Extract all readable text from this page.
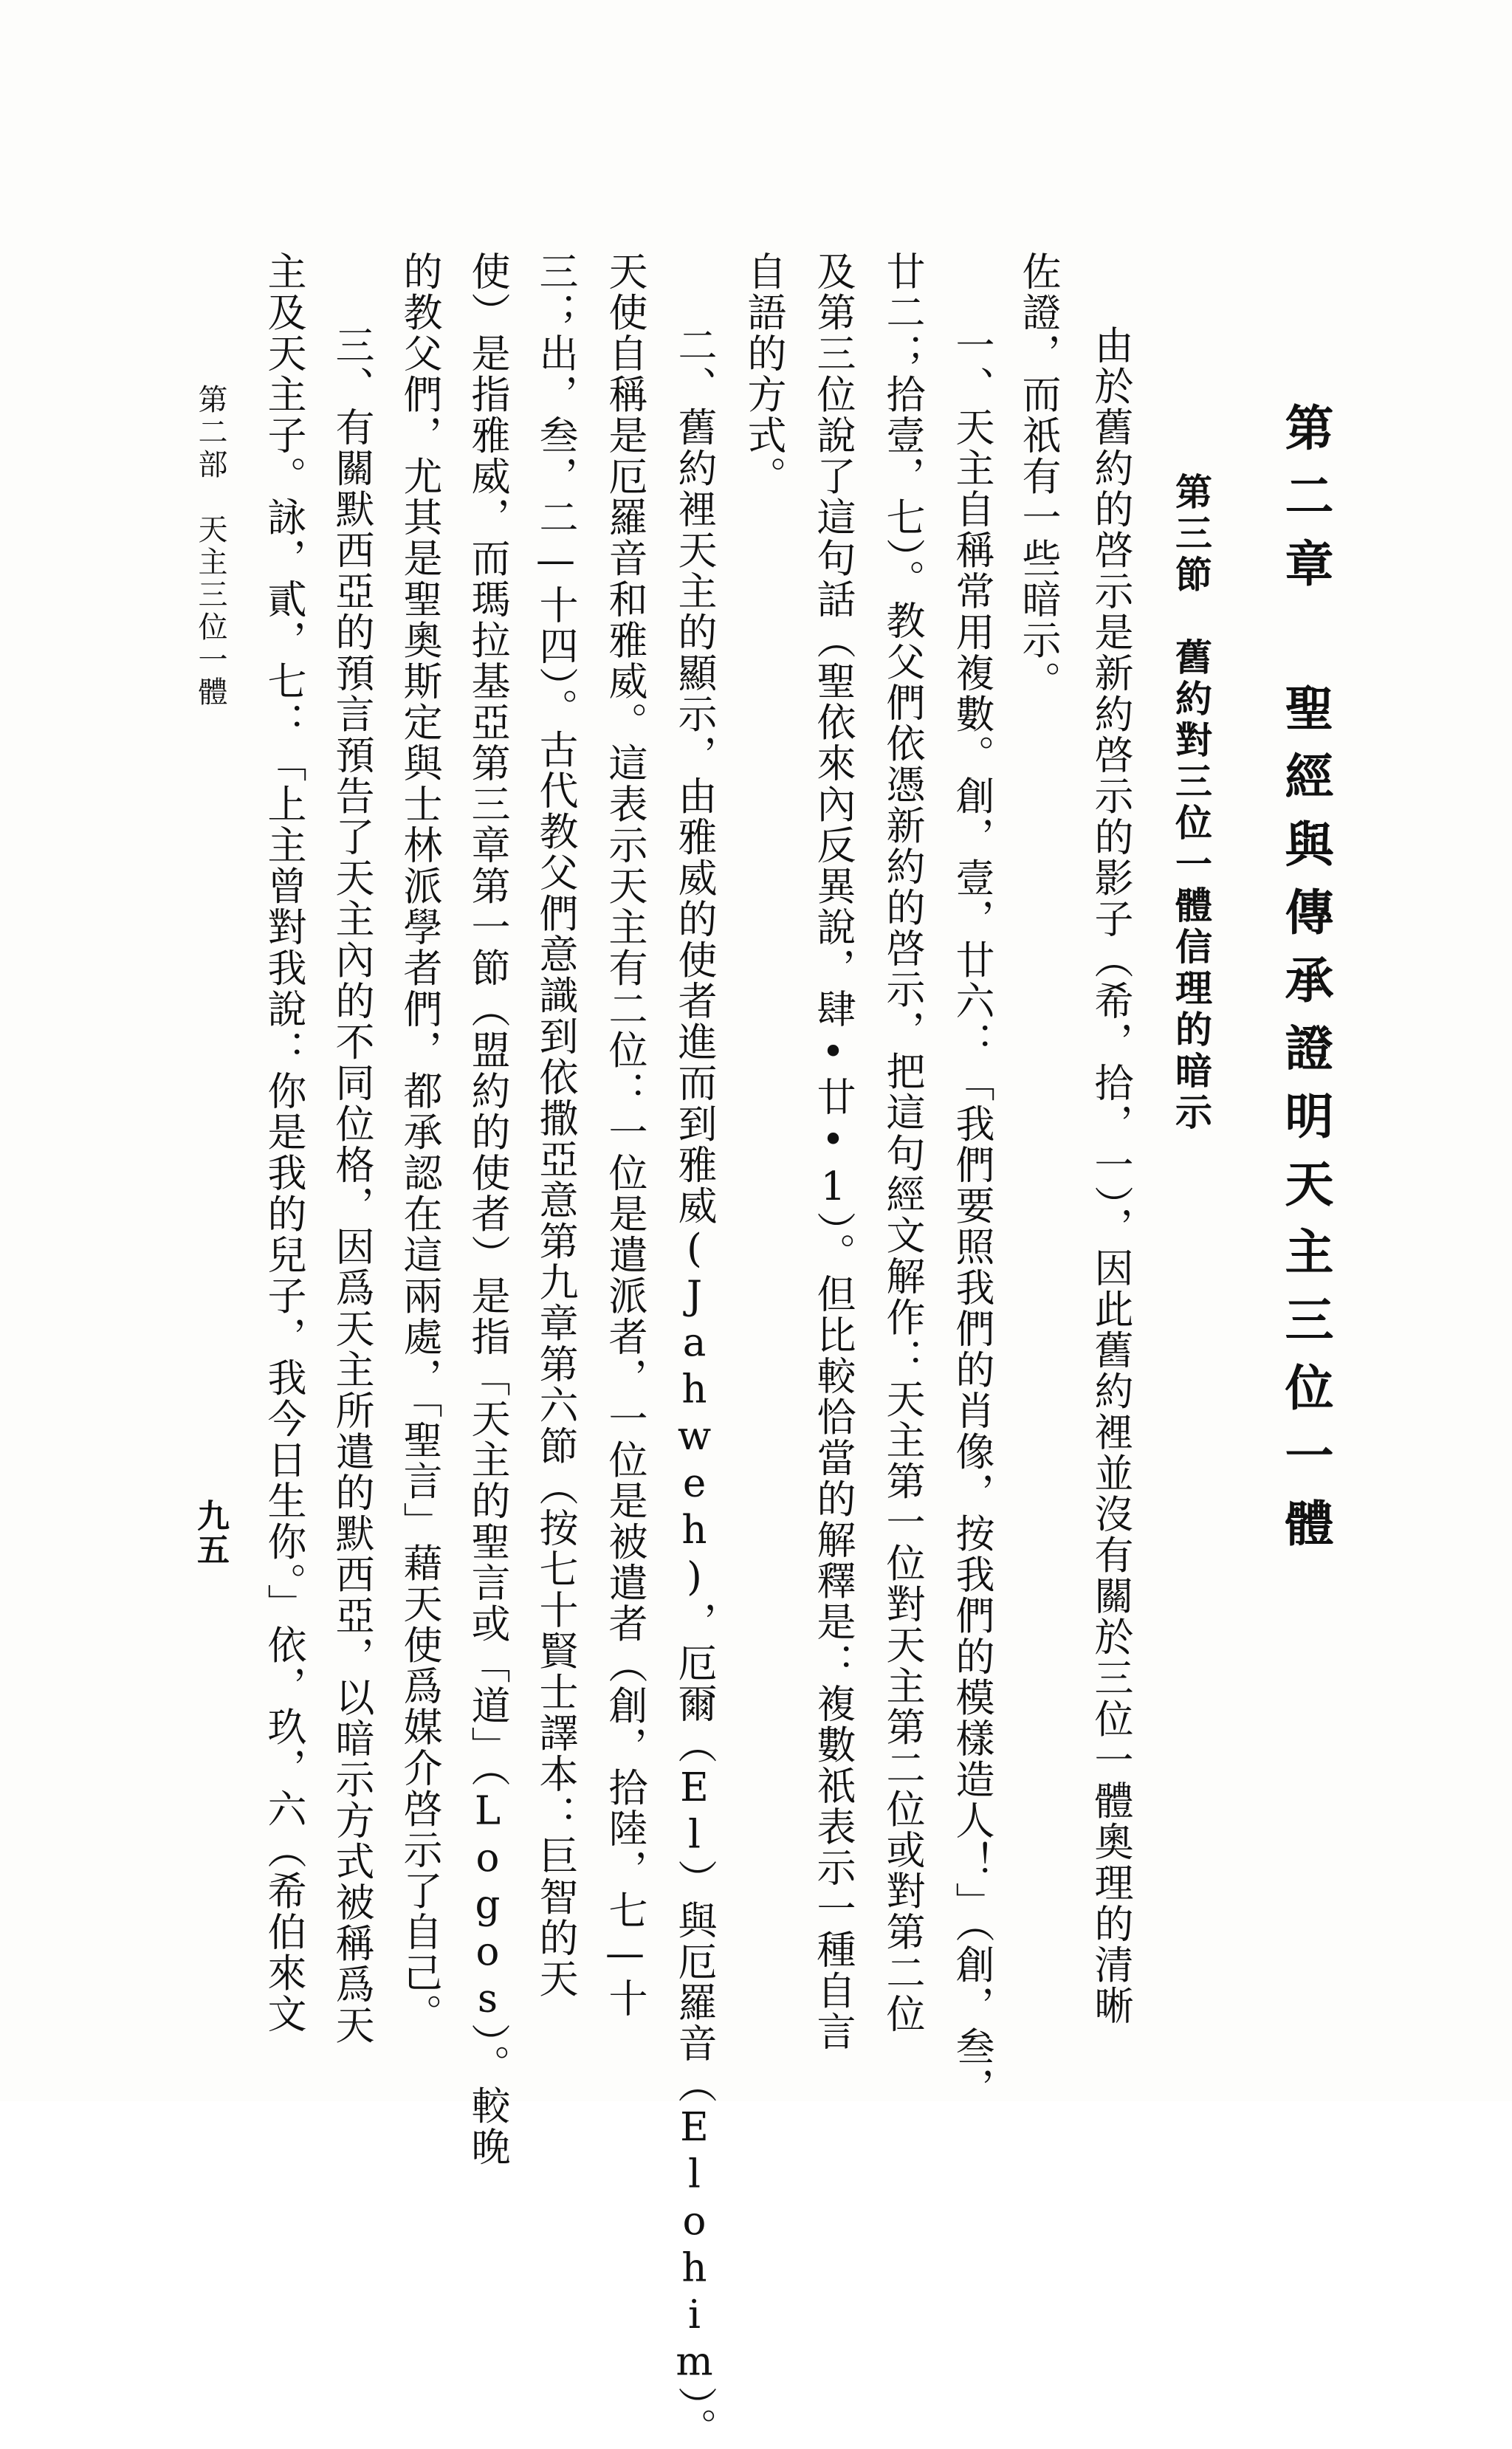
第二章 聖經與傳承證明天主三位一體
第三節　舊約對三位一體信理的暗示
由於舊約的啓示是新約啓示的影子（希，拾，一），因此舊約裡並沒有關於三位一體奧理的清晰
佐證，而祇有一些暗示。
一、天主自稱常用複數。創，壹，廿六：「我們要照我們的肖像，按我們的模樣造人！」（創，叁，
廿二；拾壹，七）。教父們依憑新約的啓示，把這句經文解作：天主第一位對天主第二位或對第二位
及第三位說了這句話（聖依來內反異說，肆•廿•1）。但比較恰當的解釋是：複數祇表示一種自言
自語的方式。
二、舊約裡天主的顯示，由雅威的使者進而到雅威(Jahweh)，厄爾（El）與厄羅音（Elohim）。
天使自稱是厄羅音和雅威。這表示天主有二位：一位是遣派者，一位是被遣者（創，拾陸，七—十
三；出，叁，二—十四）。古代教父們意識到依撒亞意第九章第六節（按七十賢士譯本：巨智的天
使）是指雅威，而瑪拉基亞第三章第一節（盟約的使者）是指「天主的聖言或「道」（Logos）。較晚
的教父們，尤其是聖奧斯定與士林派學者們，都承認在這兩處，「聖言」藉天使爲媒介啓示了自己。
三、有關默西亞的預言預告了天主內的不同位格，因爲天主所遣的默西亞，以暗示方式被稱爲天
主及天主子。詠，貳，七：「上主曾對我說：你是我的兒子，我今日生你。」依，玖，六（希伯來文
第二部　天主三位一體
九五
